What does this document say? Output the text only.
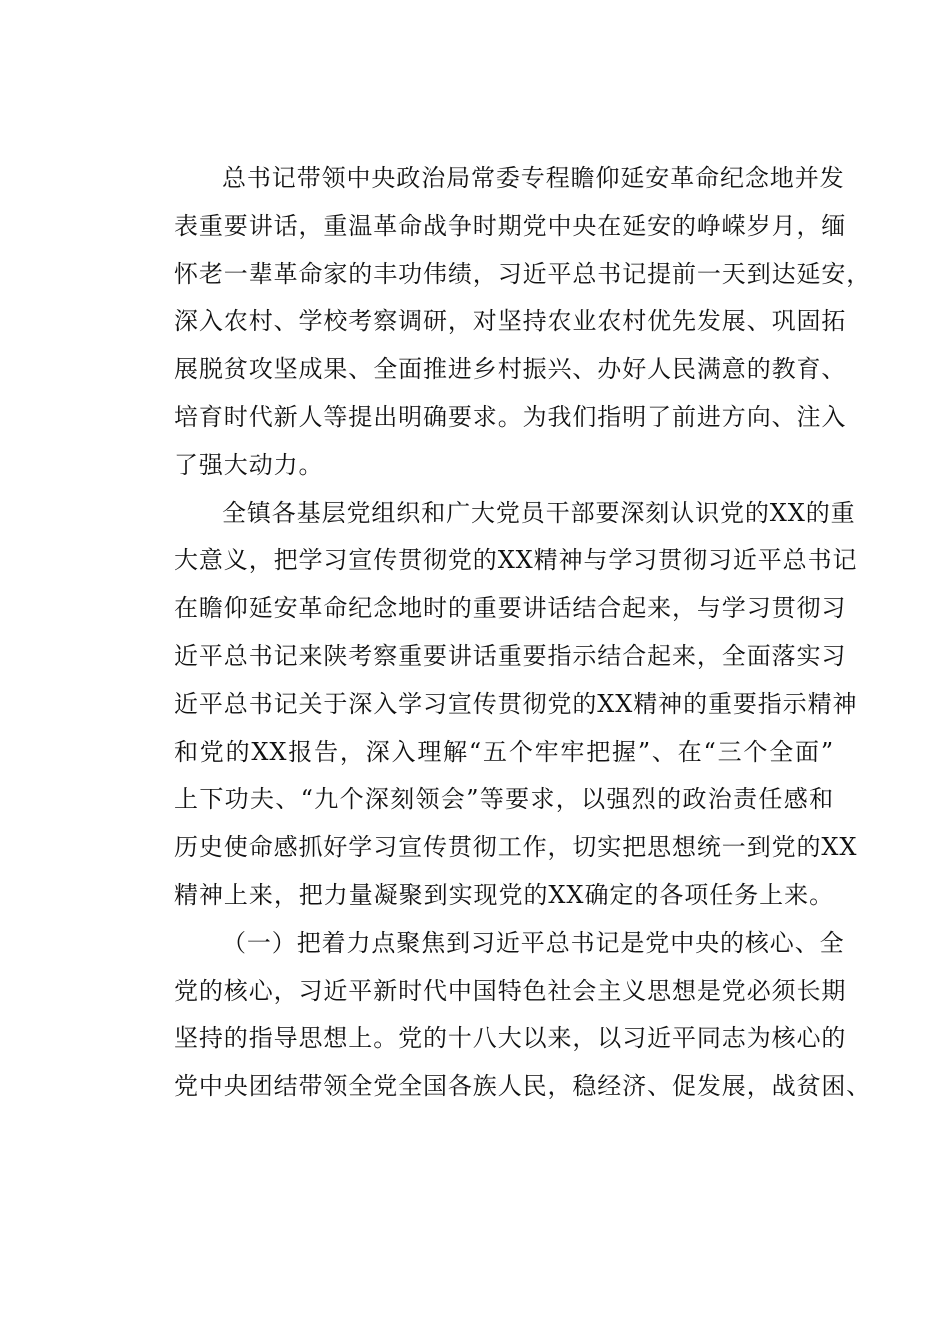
总书记带领中央政治局常委专程瞻仰延安革命纪念地并发
表重要讲话，重温革命战争时期党中央在延安的峥嵘岁月，缅
怀老一辈革命家的丰功伟绩，习近平总书记提前一天到达延安，
深入农村、学校考察调研，对坚持农业农村优先发展、巩固拓
展脱贫攻坚成果、全面推进乡村振兴、办好人民满意的教育、
培育时代新人等提出明确要求。为我们指明了前进方向、注入
了强大动力。
全镇各基层党组织和广大党员干部要深刻认识党的XX的重
大意义，把学习宣传贯彻党的XX精神与学习贯彻习近平总书记
在瞻仰延安革命纪念地时的重要讲话结合起来，与学习贯彻习
近平总书记来陕考察重要讲话重要指示结合起来，全面落实习
近平总书记关于深入学习宣传贯彻党的XX精神的重要指示精神
和党的XX报告，深入理解“五个牢牢把握”、在“三个全面”
上下功夫、“九个深刻领会”等要求，以强烈的政治责任感和
历史使命感抓好学习宣传贯彻工作，切实把思想统一到党的XX
精神上来，把力量凝聚到实现党的XX确定的各项任务上来。
（一）把着力点聚焦到习近平总书记是党中央的核心、全
党的核心，习近平新时代中国特色社会主义思想是党必须长期
坚持的指导思想上。党的十八大以来，以习近平同志为核心的
党中央团结带领全党全国各族人民，稳经济、促发展，战贫困、
